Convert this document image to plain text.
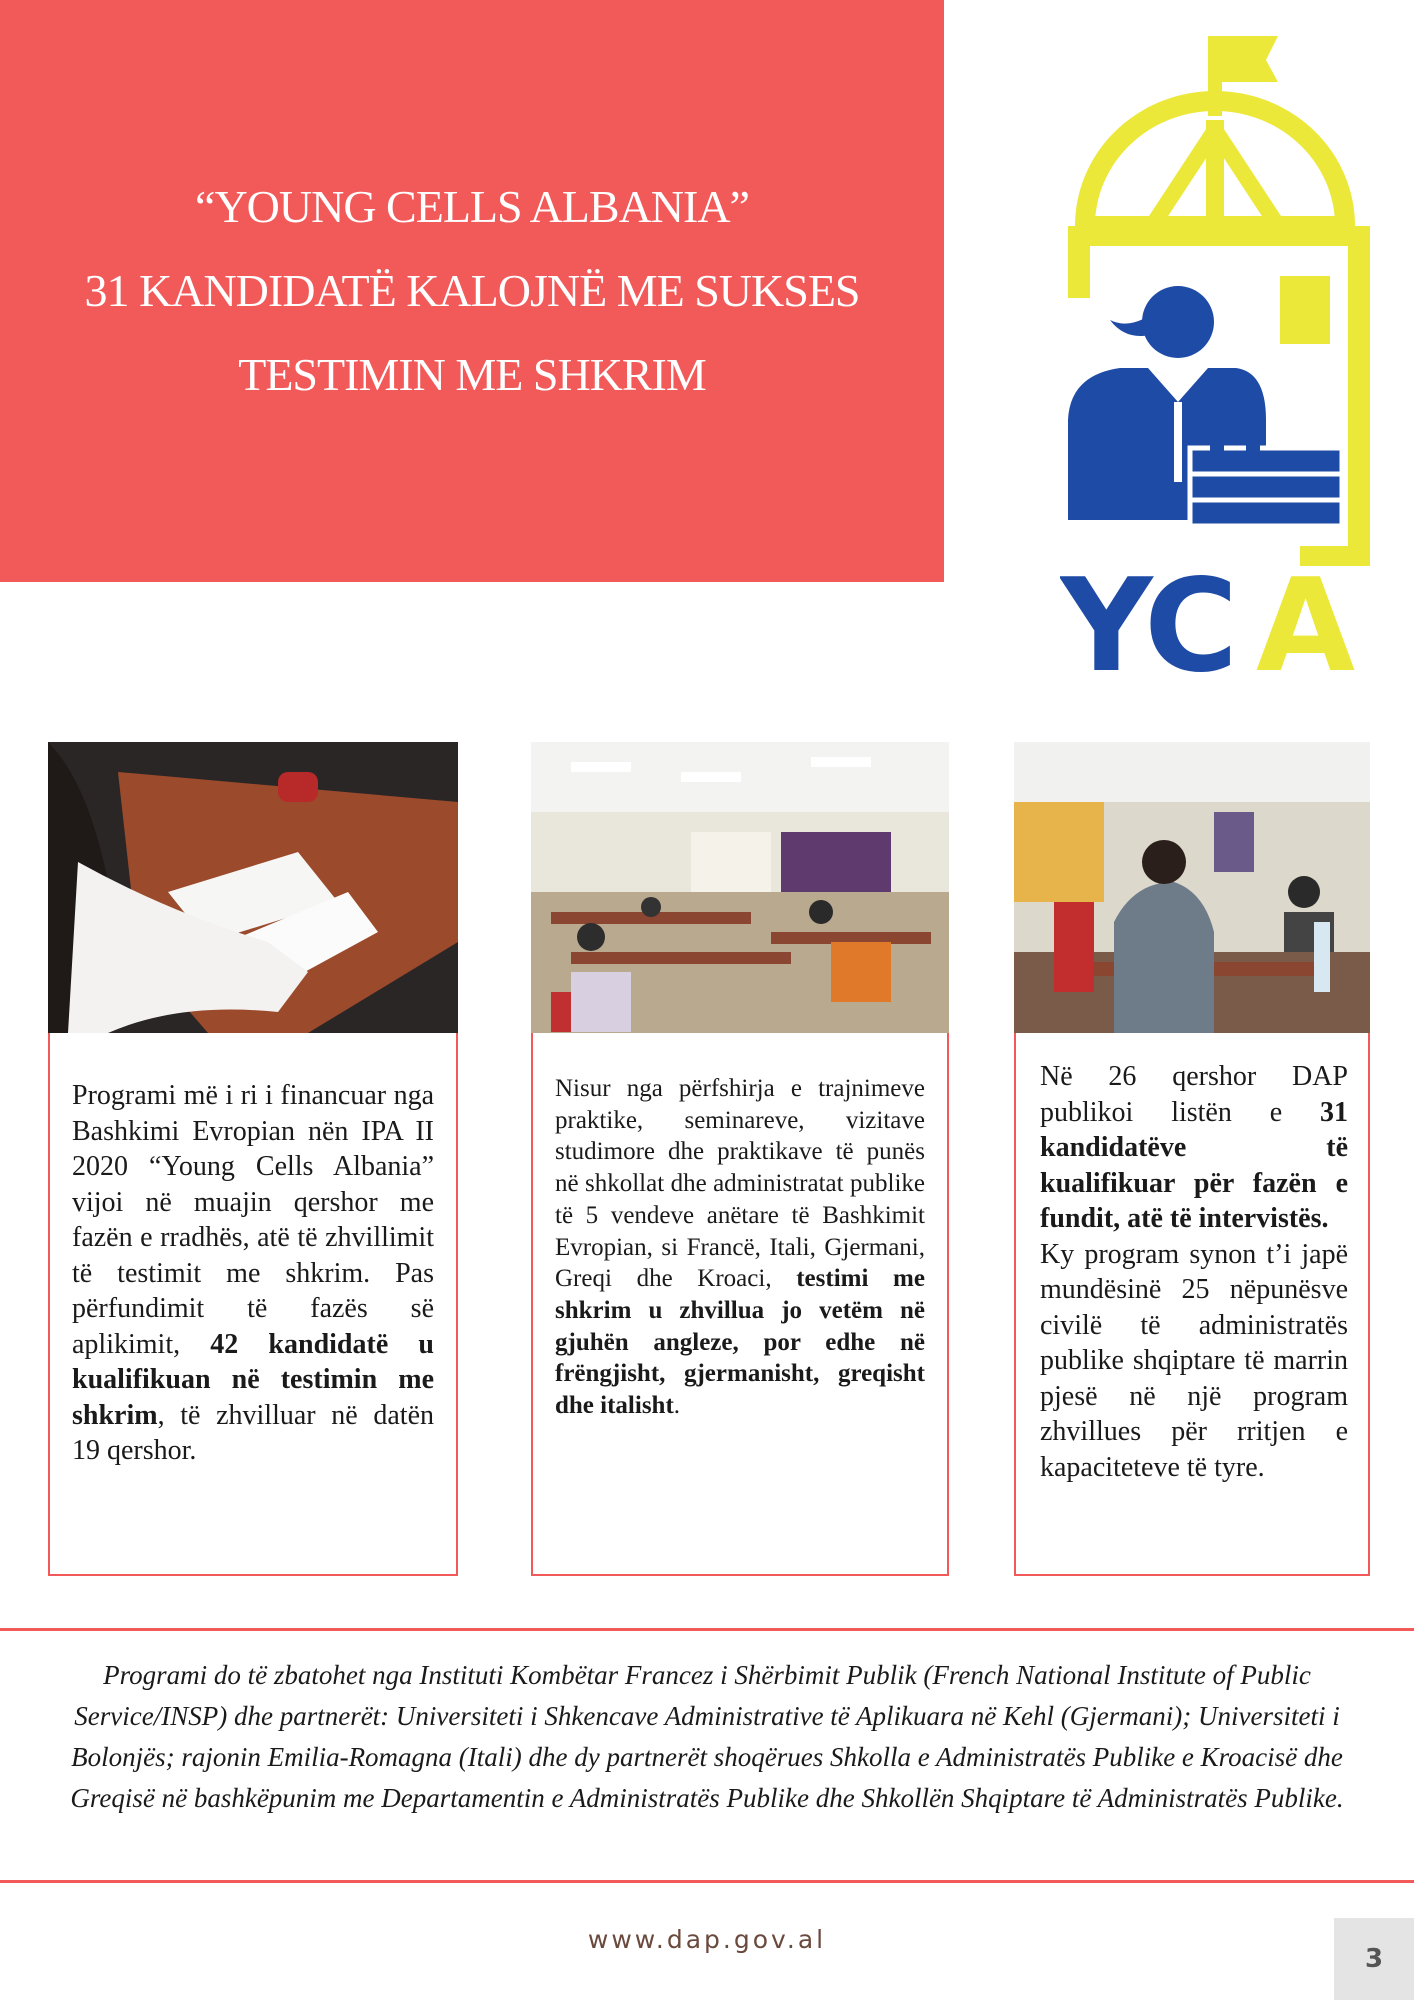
“YOUNG CELLS ALBANIA”
31 KANDIDATË KALOJNË ME SUKSES
TESTIMIN ME SHKRIM
YC A

Programi më i ri i financuar nga Bashkimi Evropian nën IPA II 2020 “Young Cells Albania” vijoi në muajin qershor me fazën e rradhës, atë të zhvillimit të testimit me shkrim. Pas përfundimit të fazës së aplikimit, 42 kandidatë u kualifikuan në testimin me shkrim, të zhvilluar në datën 19 qershor.

Nisur nga përfshirja e trajnimeve praktike, seminareve, vizitave studimore dhe praktikave të punës në shkollat dhe administratat publike të 5 vendeve anëtare të Bashkimit Evropian, si Francë, Itali, Gjermani, Greqi dhe Kroaci, testimi me shkrim u zhvillua jo vetëm në gjuhën angleze, por edhe në frëngjisht, gjermanisht, greqisht dhe italisht.

Në 26 qershor DAP publikoi listën e 31 kandidatëve të kualifikuar për fazën e fundit, atë të intervistës.
Ky program synon t’i japë mundësinë 25 nëpunësve civilë të administratës publike shqiptare të marrin pjesë në një program zhvillues për rritjen e kapaciteteve të tyre.

Programi do të zbatohet nga Instituti Kombëtar Francez i Shërbimit Publik (French National Institute of Public Service/INSP) dhe partnerët: Universiteti i Shkencave Administrative të Aplikuara në Kehl (Gjermani); Universiteti i Bolonjës; rajonin Emilia-Romagna (Itali) dhe dy partnerët shoqërues Shkolla e Administratës Publike e Kroacisë dhe Greqisë në bashkëpunim me Departamentin e Administratës Publike dhe Shkollën Shqiptare të Administratës Publike.
www.dap.gov.al
3
